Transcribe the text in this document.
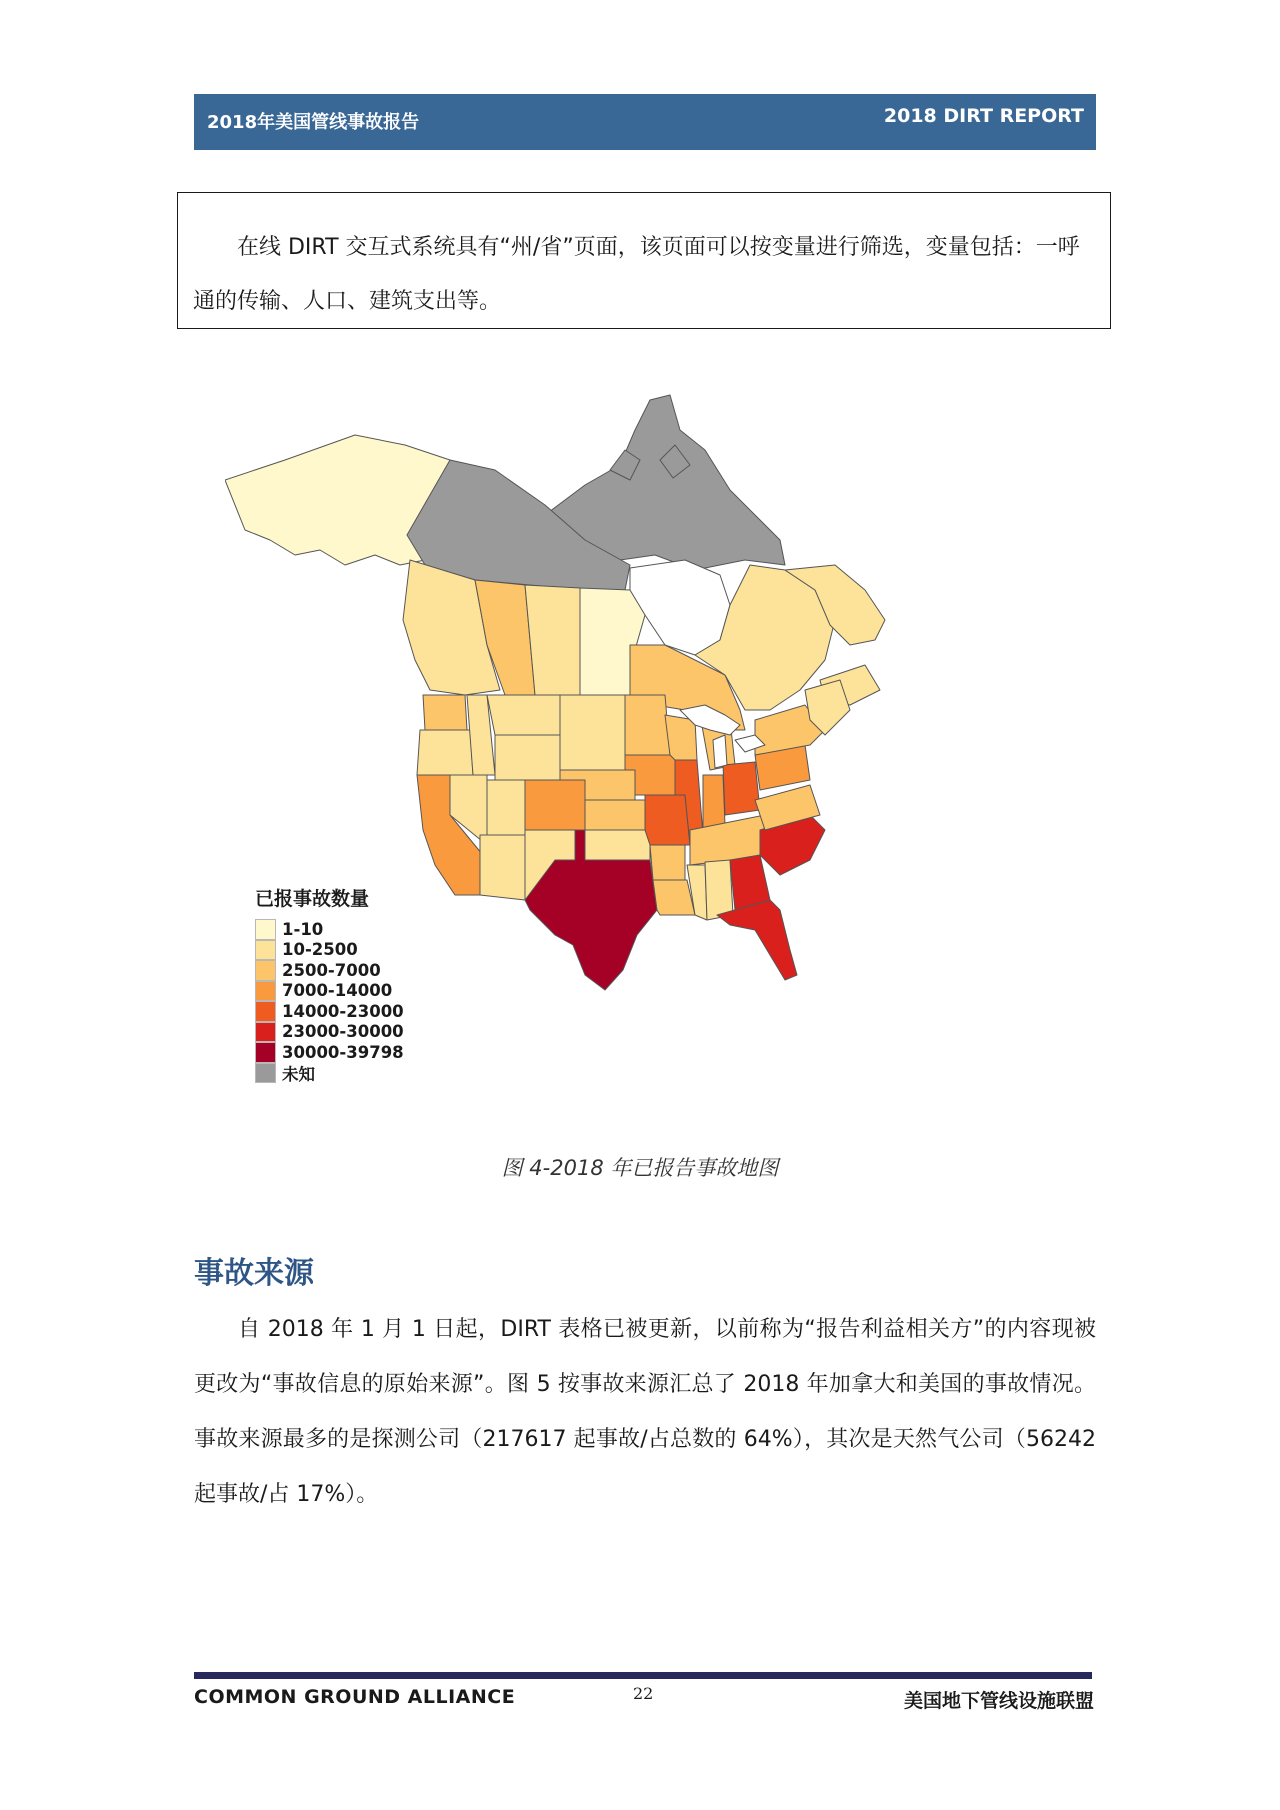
2018年美国管线事故报告	2018 DIRT REPORT

在线 DIRT 交互式系统具有“州/省”页面，该页面可以按变量进行筛选，变量包括：一呼通的传输、人口、建筑支出等。

已报事故数量
1-10
10-2500
2500-7000
7000-14000
14000-23000
23000-30000
30000-39798
未知
图 4-2018 年已报告事故地图
事故来源

自 2018 年 1 月 1 日起，DIRT 表格已被更新，以前称为“报告利益相关方”的内容现被更改为“事故信息的原始来源”。图 5 按事故来源汇总了 2018 年加拿大和美国的事故情况。事故来源最多的是探测公司（217617 起事故/占总数的 64%），其次是天然气公司（56242 起事故/占 17%）。

COMMON GROUND ALLIANCE	22	美国地下管线设施联盟
